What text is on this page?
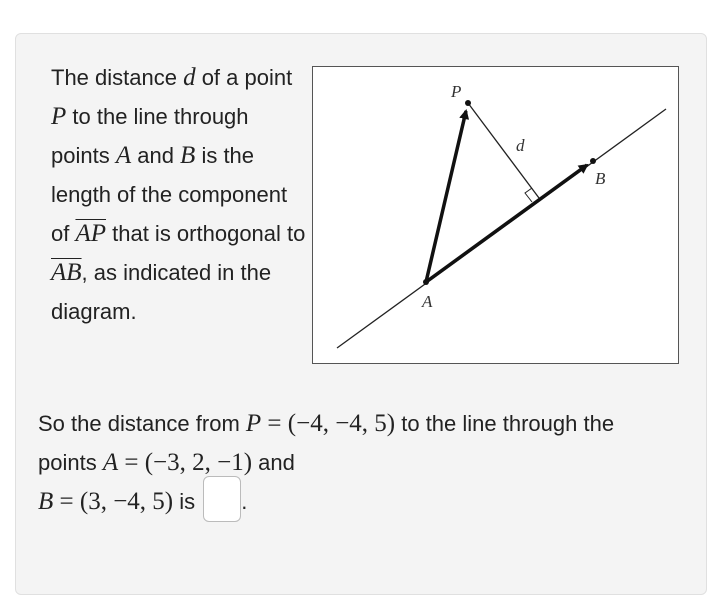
The distance d of a point P to the line through points A and B is the length of the component of $\overline{AP}$ that is orthogonal to $\overline{AB}$, as indicated in the diagram.
P
d
B
A
So the distance from P = (−4, −4, 5) to the line through the points A = (−3, 2, −1) and
B = (3, −4, 5) is .
